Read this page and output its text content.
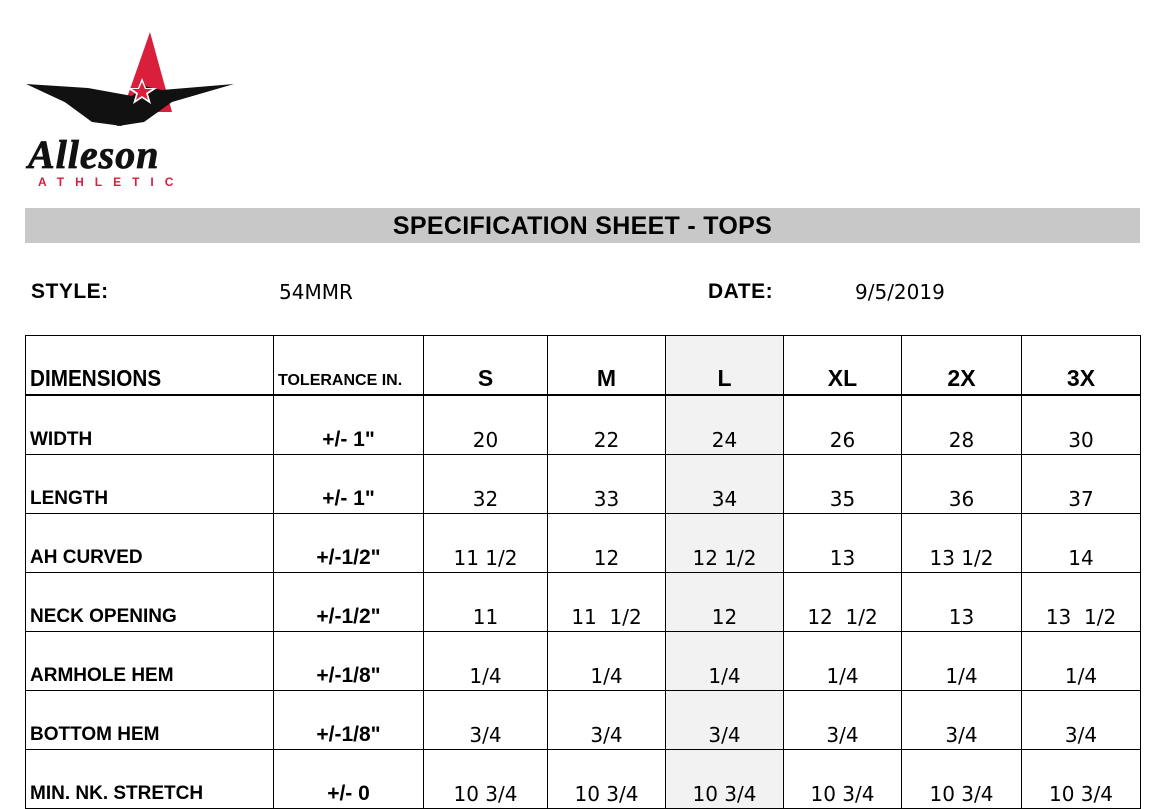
Alleson
ATHLETIC
SPECIFICATION SHEET - TOPS
STYLE:	54MMR	DATE:	9/5/2019
DIMENSIONS	TOLERANCE IN.	S	M	L	XL	2X	3X
WIDTH	+/- 1"	20	22	24	26	28	30
LENGTH	+/- 1"	32	33	34	35	36	37
AH CURVED	+/-1/2"	11 1/2	12	12 1/2	13	13 1/2	14
NECK OPENING	+/-1/2"	11	11  1/2	12	12  1/2	13	13  1/2
ARMHOLE HEM	+/-1/8"	1/4	1/4	1/4	1/4	1/4	1/4
BOTTOM HEM	+/-1/8"	3/4	3/4	3/4	3/4	3/4	3/4
MIN. NK. STRETCH	+/- 0	10 3/4	10 3/4	10 3/4	10 3/4	10 3/4	10 3/4
